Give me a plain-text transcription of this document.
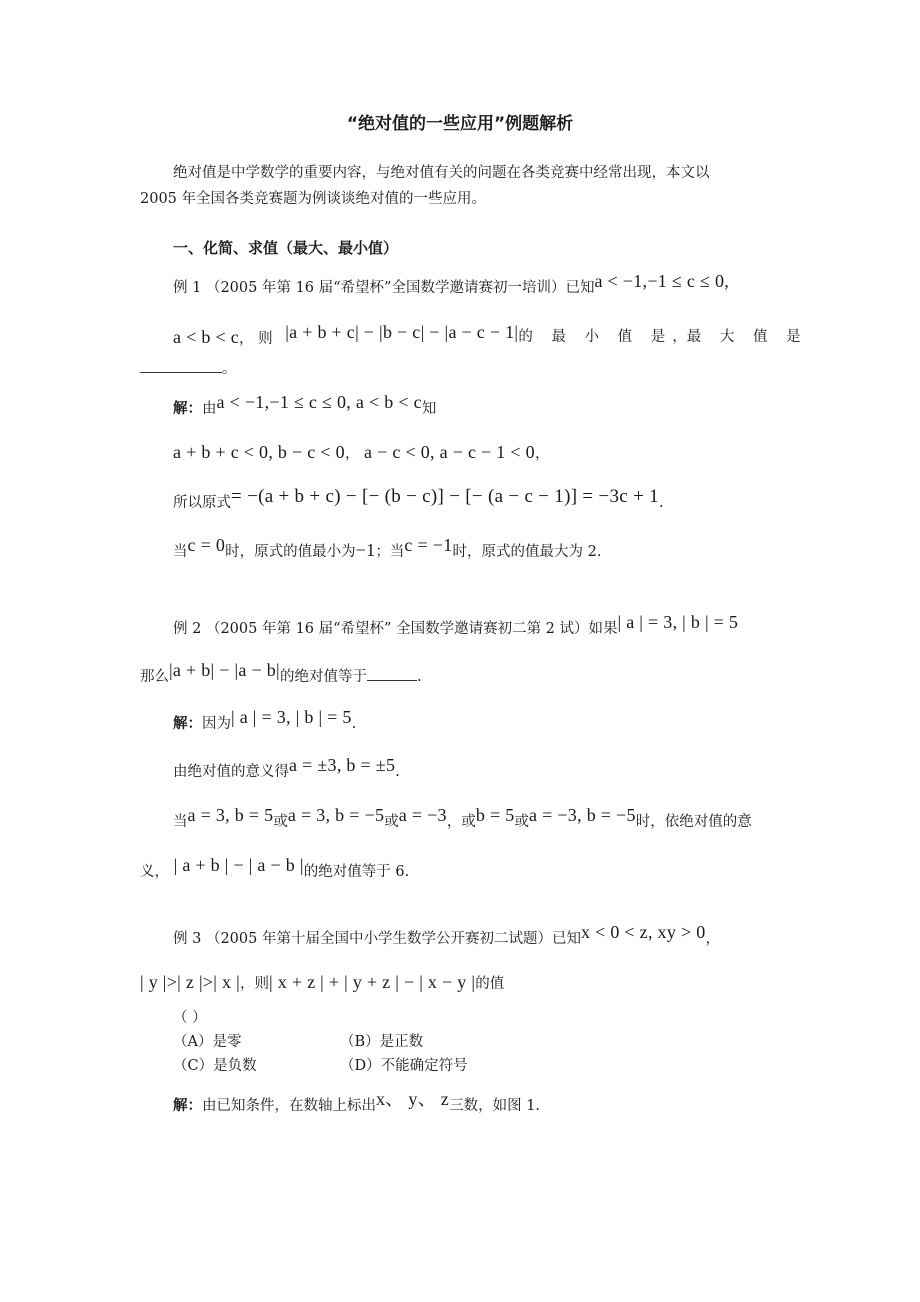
“绝对值的一些应用”例题解析
绝对值是中学数学的重要内容，与绝对值有关的问题在各类竞赛中经常出现，本文以
2005 年全国各类竞赛题为例谈谈绝对值的一些应用。
一、化简、求值（最大、最小值）
例 1 （2005 年第 16 届“希望杯”全国数学邀请赛初一培训）已知a < −1,−1 ≤ c ≤ 0,
a < b < c， 则 |a + b + c| − |b − c| − |a − c − 1| 的 最 小 值 是 ， 最 大 值 是
。
解：由a < −1,−1 ≤ c ≤ 0, a < b < c知
a + b + c < 0, b − c < 0， a − c < 0, a − c − 1 < 0，
所以原式= −(a + b + c) − [− (b − c)] − [− (a − c − 1)] = −3c + 1.
当c = 0时，原式的值最小为−1；当c = −1时，原式的值最大为 2.
例 2 （2005 年第 16 届“希望杯” 全国数学邀请赛初二第 2 试）如果| a | = 3, | b | = 5
那么|a + b| − |a − b|的绝对值等于	.
解：因为| a | = 3, | b | = 5.
由绝对值的意义得a = ±3, b = ±5.
当a = 3, b = 5或a = 3, b = −5或a = −3，或b = 5或a = −3, b = −5时，依绝对值的意
义， | a + b | − | a − b |的绝对值等于 6.
例 3 （2005 年第十届全国中小学生数学公开赛初二试题）已知x < 0 < z, xy > 0，
| y |>| z |>| x |，则| x + z | + | y + z | − | x − y |的值
（ ）
（A）是零	（B）是正数
（C）是负数	（D）不能确定符号
解：由已知条件，在数轴上标出x、 y、 z三数，如图 1.
